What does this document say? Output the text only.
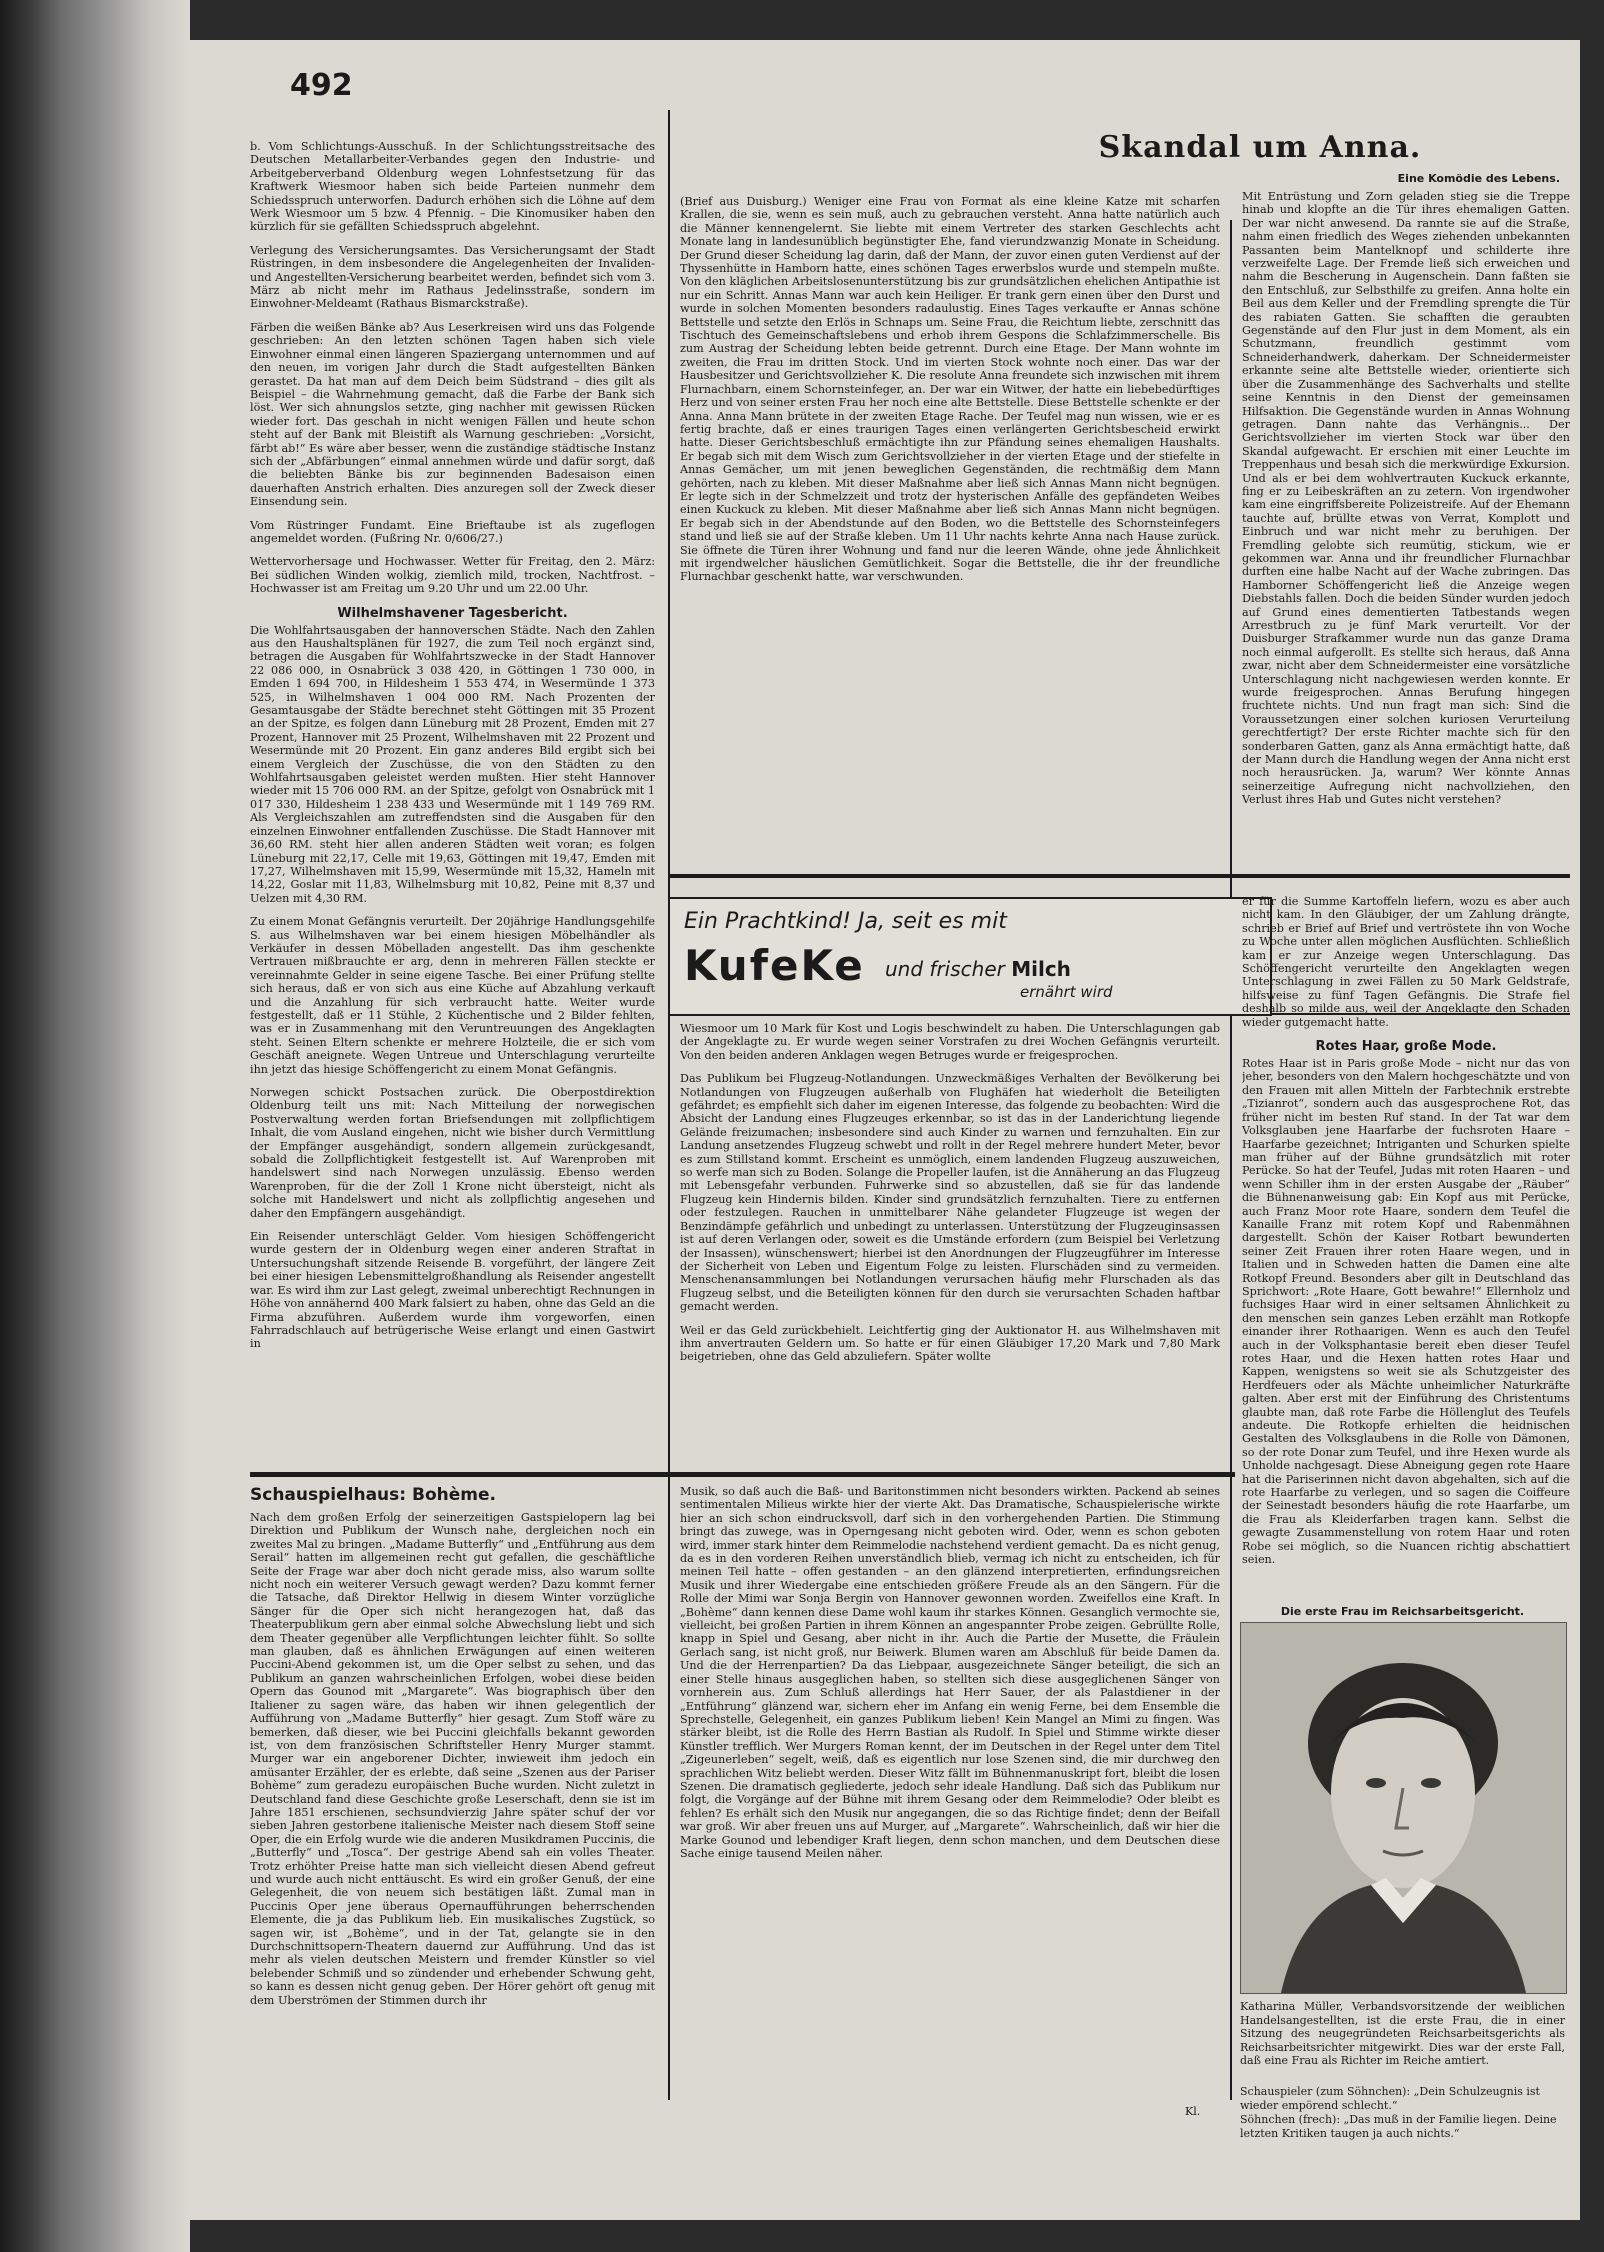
492

b. Vom Schlichtungs-Ausschuß. In der Schlichtungsstreitsache des Deutschen Metallarbeiter-Verbandes gegen den Industrie- und Arbeitgeberverband Oldenburg wegen Lohnfestsetzung für das Kraftwerk Wiesmoor haben sich beide Parteien nunmehr dem Schiedsspruch unterworfen. Dadurch erhöhen sich die Löhne auf dem Werk Wiesmoor um 5 bzw. 4 Pfennig. – Die Kinomusiker haben den kürzlich für sie gefällten Schiedsspruch abgelehnt.

Verlegung des Versicherungsamtes. Das Versicherungsamt der Stadt Rüstringen, in dem insbesondere die Angelegenheiten der Invaliden- und Angestellten-Versicherung bearbeitet werden, befindet sich vom 3. März ab nicht mehr im Rathaus Jedelinsstraße, sondern im Einwohner-Meldeamt (Rathaus Bismarckstraße).

Färben die weißen Bänke ab? Aus Leserkreisen wird uns das Folgende geschrieben: An den letzten schönen Tagen haben sich viele Einwohner einmal einen längeren Spaziergang unternommen und auf den neuen, im vorigen Jahr durch die Stadt aufgestellten Bänken gerastet. Da hat man auf dem Deich beim Südstrand – dies gilt als Beispiel – die Wahrnehmung gemacht, daß die Farbe der Bank sich löst. Wer sich ahnungslos setzte, ging nachher mit gewissen Rücken wieder fort. Das geschah in nicht wenigen Fällen und heute schon steht auf der Bank mit Bleistift als Warnung geschrieben: „Vorsicht, färbt ab!“ Es wäre aber besser, wenn die zuständige städtische Instanz sich der „Abfärbungen“ einmal annehmen würde und dafür sorgt, daß die beliebten Bänke bis zur beginnenden Badesaison einen dauerhaften Anstrich erhalten. Dies anzuregen soll der Zweck dieser Einsendung sein.

Vom Rüstringer Fundamt. Eine Brieftaube ist als zugeflogen angemeldet worden. (Fußring Nr. 0/606/27.)

Wettervorhersage und Hochwasser. Wetter für Freitag, den 2. März: Bei südlichen Winden wolkig, ziemlich mild, trocken, Nachtfrost. – Hochwasser ist am Freitag um 9.20 Uhr und um 22.00 Uhr.

Wilhelmshavener Tagesbericht.

Die Wohlfahrtsausgaben der hannoverschen Städte. Nach den Zahlen aus den Haushaltsplänen für 1927, die zum Teil noch ergänzt sind, betragen die Ausgaben für Wohlfahrtszwecke in der Stadt Hannover 22 086 000, in Osnabrück 3 038 420, in Göttingen 1 730 000, in Emden 1 694 700, in Hildesheim 1 553 474, in Wesermünde 1 373 525, in Wilhelmshaven 1 004 000 RM. Nach Prozenten der Gesamtausgabe der Städte berechnet steht Göttingen mit 35 Prozent an der Spitze, es folgen dann Lüneburg mit 28 Prozent, Emden mit 27 Prozent, Hannover mit 25 Prozent, Wilhelmshaven mit 22 Prozent und Wesermünde mit 20 Prozent. Ein ganz anderes Bild ergibt sich bei einem Vergleich der Zuschüsse, die von den Städten zu den Wohlfahrtsausgaben geleistet werden mußten. Hier steht Hannover wieder mit 15 706 000 RM. an der Spitze, gefolgt von Osnabrück mit 1 017 330, Hildesheim 1 238 433 und Wesermünde mit 1 149 769 RM. Als Vergleichszahlen am zutreffendsten sind die Ausgaben für den einzelnen Einwohner entfallenden Zuschüsse. Die Stadt Hannover mit 36,60 RM. steht hier allen anderen Städten weit voran; es folgen Lüneburg mit 22,17, Celle mit 19,63, Göttingen mit 19,47, Emden mit 17,27, Wilhelmshaven mit 15,99, Wesermünde mit 15,32, Hameln mit 14,22, Goslar mit 11,83, Wilhelmsburg mit 10,82, Peine mit 8,37 und Uelzen mit 4,30 RM.

Zu einem Monat Gefängnis verurteilt. Der 20jährige Handlungsgehilfe S. aus Wilhelmshaven war bei einem hiesigen Möbelhändler als Verkäufer in dessen Möbelladen angestellt. Das ihm geschenkte Vertrauen mißbrauchte er arg, denn in mehreren Fällen steckte er vereinnahmte Gelder in seine eigene Tasche. Bei einer Prüfung stellte sich heraus, daß er von sich aus eine Küche auf Abzahlung verkauft und die Anzahlung für sich verbraucht hatte. Weiter wurde festgestellt, daß er 11 Stühle, 2 Küchentische und 2 Bilder fehlten, was er in Zusammenhang mit den Veruntreuungen des Angeklagten steht. Seinen Eltern schenkte er mehrere Holzteile, die er sich vom Geschäft aneignete. Wegen Untreue und Unterschlagung verurteilte ihn jetzt das hiesige Schöffengericht zu einem Monat Gefängnis.

Norwegen schickt Postsachen zurück. Die Oberpostdirektion Oldenburg teilt uns mit: Nach Mitteilung der norwegischen Postverwaltung werden fortan Briefsendungen mit zollpflichtigem Inhalt, die vom Ausland eingehen, nicht wie bisher durch Vermittlung der Empfänger ausgehändigt, sondern allgemein zurückgesandt, sobald die Zollpflichtigkeit festgestellt ist. Auf Warenproben mit handelswert sind nach Norwegen unzulässig. Ebenso werden Warenproben, für die der Zoll 1 Krone nicht übersteigt, nicht als solche mit Handelswert und nicht als zollpflichtig angesehen und daher den Empfängern ausgehändigt.

Ein Reisender unterschlägt Gelder. Vom hiesigen Schöffengericht wurde gestern der in Oldenburg wegen einer anderen Straftat in Untersuchungshaft sitzende Reisende B. vorgeführt, der längere Zeit bei einer hiesigen Lebensmittelgroßhandlung als Reisender angestellt war. Es wird ihm zur Last gelegt, zweimal unberechtigt Rechnungen in Höhe von annähernd 400 Mark falsiert zu haben, ohne das Geld an die Firma abzuführen. Außerdem wurde ihm vorgeworfen, einen Fahrradschlauch auf betrügerische Weise erlangt und einen Gastwirt in

Skandal um Anna.
Eine Komödie des Lebens.

(Brief aus Duisburg.) Weniger eine Frau von Format als eine kleine Katze mit scharfen Krallen, die sie, wenn es sein muß, auch zu gebrauchen versteht. Anna hatte natürlich auch die Männer kennengelernt. Sie liebte mit einem Vertreter des starken Geschlechts acht Monate lang in landesunüblich begünstigter Ehe, fand vierundzwanzig Monate in Scheidung. Der Grund dieser Scheidung lag darin, daß der Mann, der zuvor einen guten Verdienst auf der Thyssenhütte in Hamborn hatte, eines schönen Tages erwerbslos wurde und stempeln mußte. Von den kläglichen Arbeitslosenunterstützung bis zur grundsätzlichen ehelichen Antipathie ist nur ein Schritt. Annas Mann war auch kein Heiliger. Er trank gern einen über den Durst und wurde in solchen Momenten besonders radaulustig. Eines Tages verkaufte er Annas schöne Bettstelle und setzte den Erlös in Schnaps um. Seine Frau, die Reichtum liebte, zerschnitt das Tischtuch des Gemeinschaftslebens und erhob ihrem Gespons die Schlafzimmerschelle. Bis zum Austrag der Scheidung lebten beide getrennt. Durch eine Etage. Der Mann wohnte im zweiten, die Frau im dritten Stock. Und im vierten Stock wohnte noch einer. Das war der Hausbesitzer und Gerichtsvollzieher K. Die resolute Anna freundete sich inzwischen mit ihrem Flurnachbarn, einem Schornsteinfeger, an. Der war ein Witwer, der hatte ein liebebedürftiges Herz und von seiner ersten Frau her noch eine alte Bettstelle. Diese Bettstelle schenkte er der Anna. Anna Mann brütete in der zweiten Etage Rache. Der Teufel mag nun wissen, wie er es fertig brachte, daß er eines traurigen Tages einen verlängerten Gerichtsbescheid erwirkt hatte. Dieser Gerichtsbeschluß ermächtigte ihn zur Pfändung seines ehemaligen Haushalts. Er begab sich mit dem Wisch zum Gerichtsvollzieher in der vierten Etage und der stiefelte in Annas Gemächer, um mit jenen beweglichen Gegenständen, die rechtmäßig dem Mann gehörten, nach zu kleben. Mit dieser Maßnahme aber ließ sich Annas Mann nicht begnügen. Er legte sich in der Schmelzzeit und trotz der hysterischen Anfälle des gepfändeten Weibes einen Kuckuck zu kleben. Mit dieser Maßnahme aber ließ sich Annas Mann nicht begnügen. Er begab sich in der Abendstunde auf den Boden, wo die Bettstelle des Schornsteinfegers stand und ließ sie auf der Straße kleben. Um 11 Uhr nachts kehrte Anna nach Hause zurück. Sie öffnete die Türen ihrer Wohnung und fand nur die leeren Wände, ohne jede Ähnlichkeit mit irgendwelcher häuslichen Gemütlichkeit. Sogar die Bettstelle, die ihr der freundliche Flurnachbar geschenkt hatte, war verschwunden.

Mit Entrüstung und Zorn geladen stieg sie die Treppe hinab und klopfte an die Tür ihres ehemaligen Gatten. Der war nicht anwesend. Da rannte sie auf die Straße, nahm einen friedlich des Weges ziehenden unbekannten Passanten beim Mantelknopf und schilderte ihre verzweifelte Lage. Der Fremde ließ sich erweichen und nahm die Bescherung in Augenschein. Dann faßten sie den Entschluß, zur Selbsthilfe zu greifen. Anna holte ein Beil aus dem Keller und der Fremdling sprengte die Tür des rabiaten Gatten. Sie schafften die geraubten Gegenstände auf den Flur just in dem Moment, als ein Schutzmann, freundlich gestimmt vom Schneiderhandwerk, daherkam. Der Schneidermeister erkannte seine alte Bettstelle wieder, orientierte sich über die Zusammenhänge des Sachverhalts und stellte seine Kenntnis in den Dienst der gemeinsamen Hilfsaktion. Die Gegenstände wurden in Annas Wohnung getragen. Dann nahte das Verhängnis... Der Gerichtsvollzieher im vierten Stock war über den Skandal aufgewacht. Er erschien mit einer Leuchte im Treppenhaus und besah sich die merkwürdige Exkursion. Und als er bei dem wohlvertrauten Kuckuck erkannte, fing er zu Leibeskräften an zu zetern. Von irgendwoher kam eine eingriffsbereite Polizeistreife. Auf der Ehemann tauchte auf, brüllte etwas von Verrat, Komplott und Einbruch und war nicht mehr zu beruhigen. Der Fremdling gelobte sich reumütig, stickum, wie er gekommen war. Anna und ihr freundlicher Flurnachbar durften eine halbe Nacht auf der Wache zubringen. Das Hamborner Schöffengericht ließ die Anzeige wegen Diebstahls fallen. Doch die beiden Sünder wurden jedoch auf Grund eines dementierten Tatbestands wegen Arrestbruch zu je fünf Mark verurteilt. Vor der Duisburger Strafkammer wurde nun das ganze Drama noch einmal aufgerollt. Es stellte sich heraus, daß Anna zwar, nicht aber dem Schneidermeister eine vorsätzliche Unterschlagung nicht nachgewiesen werden konnte. Er wurde freigesprochen. Annas Berufung hingegen fruchtete nichts. Und nun fragt man sich: Sind die Voraussetzungen einer solchen kuriosen Verurteilung gerechtfertigt? Der erste Richter machte sich für den sonderbaren Gatten, ganz als Anna ermächtigt hatte, daß der Mann durch die Handlung wegen der Anna nicht erst noch herausrücken. Ja, warum? Wer könnte Annas seinerzeitige Aufregung nicht nachvollziehen, den Verlust ihres Hab und Gutes nicht verstehen?

Ein Prachtkind! Ja, seit es mit
KufeKe und frischer Milch
ernährt wird

Wiesmoor um 10 Mark für Kost und Logis beschwindelt zu haben. Die Unterschlagungen gab der Angeklagte zu. Er wurde wegen seiner Vorstrafen zu drei Wochen Gefängnis verurteilt. Von den beiden anderen Anklagen wegen Betruges wurde er freigesprochen.

Das Publikum bei Flugzeug-Notlandungen. Unzweckmäßiges Verhalten der Bevölkerung bei Notlandungen von Flugzeugen außerhalb von Flughäfen hat wiederholt die Beteiligten gefährdet; es empfiehlt sich daher im eigenen Interesse, das folgende zu beobachten: Wird die Absicht der Landung eines Flugzeuges erkennbar, so ist das in der Landerichtung liegende Gelände freizumachen; insbesondere sind auch Kinder zu warnen und fernzuhalten. Ein zur Landung ansetzendes Flugzeug schwebt und rollt in der Regel mehrere hundert Meter, bevor es zum Stillstand kommt. Erscheint es unmöglich, einem landenden Flugzeug auszuweichen, so werfe man sich zu Boden. Solange die Propeller laufen, ist die Annäherung an das Flugzeug mit Lebensgefahr verbunden. Fuhrwerke sind so abzustellen, daß sie für das landende Flugzeug kein Hindernis bilden. Kinder sind grundsätzlich fernzuhalten. Tiere zu entfernen oder festzulegen. Rauchen in unmittelbarer Nähe gelandeter Flugzeuge ist wegen der Benzindämpfe gefährlich und unbedingt zu unterlassen. Unterstützung der Flugzeuginsassen ist auf deren Verlangen oder, soweit es die Umstände erfordern (zum Beispiel bei Verletzung der Insassen), wünschenswert; hierbei ist den Anordnungen der Flugzeugführer im Interesse der Sicherheit von Leben und Eigentum Folge zu leisten. Flurschäden sind zu vermeiden. Menschenansammlungen bei Notlandungen verursachen häufig mehr Flurschaden als das Flugzeug selbst, und die Beteiligten können für den durch sie verursachten Schaden haftbar gemacht werden.

Weil er das Geld zurückbehielt. Leichtfertig ging der Auktionator H. aus Wilhelmshaven mit ihm anvertrauten Geldern um. So hatte er für einen Gläubiger 17,20 Mark und 7,80 Mark beigetrieben, ohne das Geld abzuliefern. Später wollte

er für die Summe Kartoffeln liefern, wozu es aber auch nicht kam. In den Gläubiger, der um Zahlung drängte, schrieb er Brief auf Brief und vertröstete ihn von Woche zu Woche unter allen möglichen Ausflüchten. Schließlich kam er zur Anzeige wegen Unterschlagung. Das Schöffengericht verurteilte den Angeklagten wegen Unterschlagung in zwei Fällen zu 50 Mark Geldstrafe, hilfsweise zu fünf Tagen Gefängnis. Die Strafe fiel deshalb so milde aus, weil der Angeklagte den Schaden wieder gutgemacht hatte.

Rotes Haar, große Mode.

Rotes Haar ist in Paris große Mode – nicht nur das von jeher, besonders von den Malern hochgeschätzte und von den Frauen mit allen Mitteln der Farbtechnik erstrebte „Tizianrot“, sondern auch das ausgesprochene Rot, das früher nicht im besten Ruf stand. In der Tat war dem Volksglauben jene Haarfarbe der fuchsroten Haare – Haarfarbe gezeichnet; Intriganten und Schurken spielte man früher auf der Bühne grundsätzlich mit roter Perücke. So hat der Teufel, Judas mit roten Haaren – und wenn Schiller ihm in der ersten Ausgabe der „Räuber“ die Bühnenanweisung gab: Ein Kopf aus mit Perücke, auch Franz Moor rote Haare, sondern dem Teufel die Kanaille Franz mit rotem Kopf und Rabenmähnen dargestellt. Schön der Kaiser Rotbart bewunderten seiner Zeit Frauen ihrer roten Haare wegen, und in Italien und in Schweden hatten die Damen eine alte Rotkopf Freund. Besonders aber gilt in Deutschland das Sprichwort: „Rote Haare, Gott bewahre!“ Ellernholz und fuchsiges Haar wird in einer seltsamen Ähnlichkeit zu den menschen sein ganzes Leben erzählt man Rotkopfe einander ihrer Rothaarigen. Wenn es auch den Teufel auch in der Volksphantasie bereit eben dieser Teufel rotes Haar, und die Hexen hatten rotes Haar und Kappen, wenigstens so weit sie als Schutzgeister des Herdfeuers oder als Mächte unheimlicher Naturkräfte galten. Aber erst mit der Einführung des Christentums glaubte man, daß rote Farbe die Höllenglut des Teufels andeute. Die Rotkopfe erhielten die heidnischen Gestalten des Volksglaubens in die Rolle von Dämonen, so der rote Donar zum Teufel, und ihre Hexen wurde als Unholde nachgesagt. Diese Abneigung gegen rote Haare hat die Pariserinnen nicht davon abgehalten, sich auf die rote Haarfarbe zu verlegen, und so sagen die Coiffeure der Seinestadt besonders häufig die rote Haarfarbe, um die Frau als Kleiderfarben tragen kann. Selbst die gewagte Zusammenstellung von rotem Haar und roten Robe sei möglich, so die Nuancen richtig abschattiert seien.

Die erste Frau im Reichsarbeitsgericht.
Katharina Müller, Verbandsvorsitzende der weiblichen Handelsangestellten, ist die erste Frau, die in einer Sitzung des neugegründeten Reichsarbeitsgerichts als Reichsarbeitsrichter mitgewirkt. Dies war der erste Fall, daß eine Frau als Richter im Reiche amtiert.
Schauspieler (zum Söhnchen): „Dein Schulzeugnis ist wieder empörend schlecht.“
Söhnchen (frech): „Das muß in der Familie liegen. Deine letzten Kritiken taugen ja auch nichts.“
Schauspielhaus: Bohème.

Nach dem großen Erfolg der seinerzeitigen Gastspielopern lag bei Direktion und Publikum der Wunsch nahe, dergleichen noch ein zweites Mal zu bringen. „Madame Butterfly“ und „Entführung aus dem Serail“ hatten im allgemeinen recht gut gefallen, die geschäftliche Seite der Frage war aber doch nicht gerade miss, also warum sollte nicht noch ein weiterer Versuch gewagt werden? Dazu kommt ferner die Tatsache, daß Direktor Hellwig in diesem Winter vorzügliche Sänger für die Oper sich nicht herangezogen hat, daß das Theaterpublikum gern aber einmal solche Abwechslung liebt und sich dem Theater gegenüber alle Verpflichtungen leichter fühlt. So sollte man glauben, daß es ähnlichen Erwägungen auf einen weiteren Puccini-Abend gekommen ist, um die Oper selbst zu sehen, und das Publikum an ganzen wahrscheinlichen Erfolgen, wobei diese beiden Opern das Gounod mit „Margarete“. Was biographisch über den Italiener zu sagen wäre, das haben wir ihnen gelegentlich der Aufführung von „Madame Butterfly“ hier gesagt. Zum Stoff wäre zu bemerken, daß dieser, wie bei Puccini gleichfalls bekannt geworden ist, von dem französischen Schriftsteller Henry Murger stammt. Murger war ein angeborener Dichter, inwieweit ihm jedoch ein amüsanter Erzähler, der es erlebte, daß seine „Szenen aus der Pariser Bohème“ zum geradezu europäischen Buche wurden. Nicht zuletzt in Deutschland fand diese Geschichte große Leserschaft, denn sie ist im Jahre 1851 erschienen, sechsundvierzig Jahre später schuf der vor sieben Jahren gestorbene italienische Meister nach diesem Stoff seine Oper, die ein Erfolg wurde wie die anderen Musikdramen Puccinis, die „Butterfly“ und „Tosca“. Der gestrige Abend sah ein volles Theater. Trotz erhöhter Preise hatte man sich vielleicht diesen Abend gefreut und wurde auch nicht enttäuscht. Es wird ein großer Genuß, der eine Gelegenheit, die von neuem sich bestätigen läßt. Zumal man in Puccinis Oper jene überaus Opernaufführungen beherrschenden Elemente, die ja das Publikum lieb. Ein musikalisches Zugstück, so sagen wir, ist „Bohème“, und in der Tat, gelangte sie in den Durchschnittsopern-Theatern dauernd zur Aufführung. Und das ist mehr als vielen deutschen Meistern und fremder Künstler so viel belebender Schmiß und so zündender und erhebender Schwung geht, so kann es dessen nicht genug geben. Der Hörer gehört oft genug mit dem Uberströmen der Stimmen durch ihr

Musik, so daß auch die Baß- und Baritonstimmen nicht besonders wirkten. Packend ab seines sentimentalen Milieus wirkte hier der vierte Akt. Das Dramatische, Schauspielerische wirkte hier an sich schon eindrucksvoll, darf sich in den vorhergehenden Partien. Die Stimmung bringt das zuwege, was in Operngesang nicht geboten wird. Oder, wenn es schon geboten wird, immer stark hinter dem Reimmelodie nachstehend verdient gemacht. Da es nicht genug, da es in den vorderen Reihen unverständlich blieb, vermag ich nicht zu entscheiden, ich für meinen Teil hatte – offen gestanden – an den glänzend interpretierten, erfindungsreichen Musik und ihrer Wiedergabe eine entschieden größere Freude als an den Sängern. Für die Rolle der Mimi war Sonja Bergin von Hannover gewonnen worden. Zweifellos eine Kraft. In „Bohème“ dann kennen diese Dame wohl kaum ihr starkes Können. Gesanglich vermochte sie, vielleicht, bei großen Partien in ihrem Können an angespannter Probe zeigen. Gebrüllte Rolle, knapp in Spiel und Gesang, aber nicht in ihr. Auch die Partie der Musette, die Fräulein Gerlach sang, ist nicht groß, nur Beiwerk. Blumen waren am Abschluß für beide Damen da. Und die der Herrenpartien? Da das Liebpaar, ausgezeichnete Sänger beteiligt, die sich an einer Stelle hinaus ausgeglichen haben, so stellten sich diese ausgeglichenen Sänger von vornherein aus. Zum Schluß allerdings hat Herr Sauer, der als Palastdiener in der „Entführung“ glänzend war, sichern eher im Anfang ein wenig Ferne, bei dem Ensemble die Sprechstelle, Gelegenheit, ein ganzes Publikum lieben! Kein Mangel an Mimi zu fingen. Was stärker bleibt, ist die Rolle des Herrn Bastian als Rudolf. In Spiel und Stimme wirkte dieser Künstler trefflich. Wer Murgers Roman kennt, der im Deutschen in der Regel unter dem Titel „Zigeunerleben“ segelt, weiß, daß es eigentlich nur lose Szenen sind, die mir durchweg den sprachlichen Witz beliebt werden. Dieser Witz fällt im Bühnenmanuskript fort, bleibt die losen Szenen. Die dramatisch gegliederte, jedoch sehr ideale Handlung. Daß sich das Publikum nur folgt, die Vorgänge auf der Bühne mit ihrem Gesang oder dem Reimmelodie? Oder bleibt es fehlen? Es erhält sich den Musik nur angegangen, die so das Richtige findet; denn der Beifall war groß. Wir aber freuen uns auf Murger, auf „Margarete“. Wahrscheinlich, daß wir hier die Marke Gounod und lebendiger Kraft liegen, denn schon manchen, und dem Deutschen diese Sache einige tausend Meilen näher.

Kl.
